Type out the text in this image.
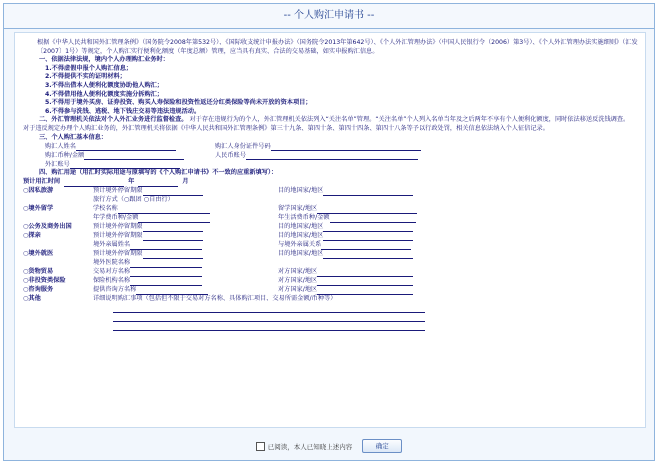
-- 个人购汇申请书 --

根据《中华人民共和国外汇管理条例》（国务院令2008年第532号）、《国际收支统计申报办法》（国务院令2013年第642号）、《个人外汇管理办法》（中国人民银行令（2006）第3号）、《个人外汇管理办法实施细则》（汇发〔2007〕1号）等规定，个人购汇实行便利化额度（年度总额）管理，应当具有真实、合法的交易基础，如实申报购汇信息。

一、依据法律法规，境内个人办理购汇业务时：

1.不得虚假申报个人购汇信息；
2.不得提供不实的证明材料；
3.不得出借本人便利化额度协助他人购汇；
4.不得借用他人便利化额度实施分拆购汇；
5.不得用于境外买房、证券投资、购买人寿保险和投资性返还分红类保险等尚未开放的资本项目；
6.不得参与洗钱、逃税、地下钱庄交易等违法违规活动。

二、外汇管理机关依法对个人外汇业务进行监督检查。 对于存在违规行为的个人，外汇管理机关依法列入“关注名单”管理。“关注名单”个人列入名单当年及之后两年不享有个人便利化额度，同时依法移送反洗钱调查。

对于违反规定办理个人购汇业务的，外汇管理机关将依据《中华人民共和国外汇管理条例》第三十九条、第四十条、第四十四条、第四十八条等予以行政处罚，相关信息依法纳入个人征信记录。

三、个人购汇基本信息：

购汇人姓名	购汇人身份证件号码
购汇币种/金额	人民币账号
外汇账号

四、购汇用途（用汇时实际用途与原填写的《个人购汇申请书》不一致的应重新填写）：

预计用汇时间	年	月
○因私旅游	预计境外停留期限	目的地国家/地区
旅行方式（○跟团 ○自由行）
○境外留学	学校名称	留学国家/地区
年学费币种/金额	年生活费币种/金额
○公务及商务出国	预计境外停留期限	目的地国家/地区
○探亲	预计境外停留期限	目的地国家/地区
境外亲属姓名	与境外亲属关系
○境外就医	预计境外停留期限	目的地国家/地区
境外医院名称
○货物贸易	交易对方名称	对方国家/地区
○非投资类保险	保险机构名称	对方国家/地区
○咨询服务	提供咨询方名称	对方国家/地区
○其他	详细说明购汇事项（包括但不限于交易对方名称、具体购汇项目、交易所需金额/币种等）
已阅读，本人已知晓上述内容	确定
